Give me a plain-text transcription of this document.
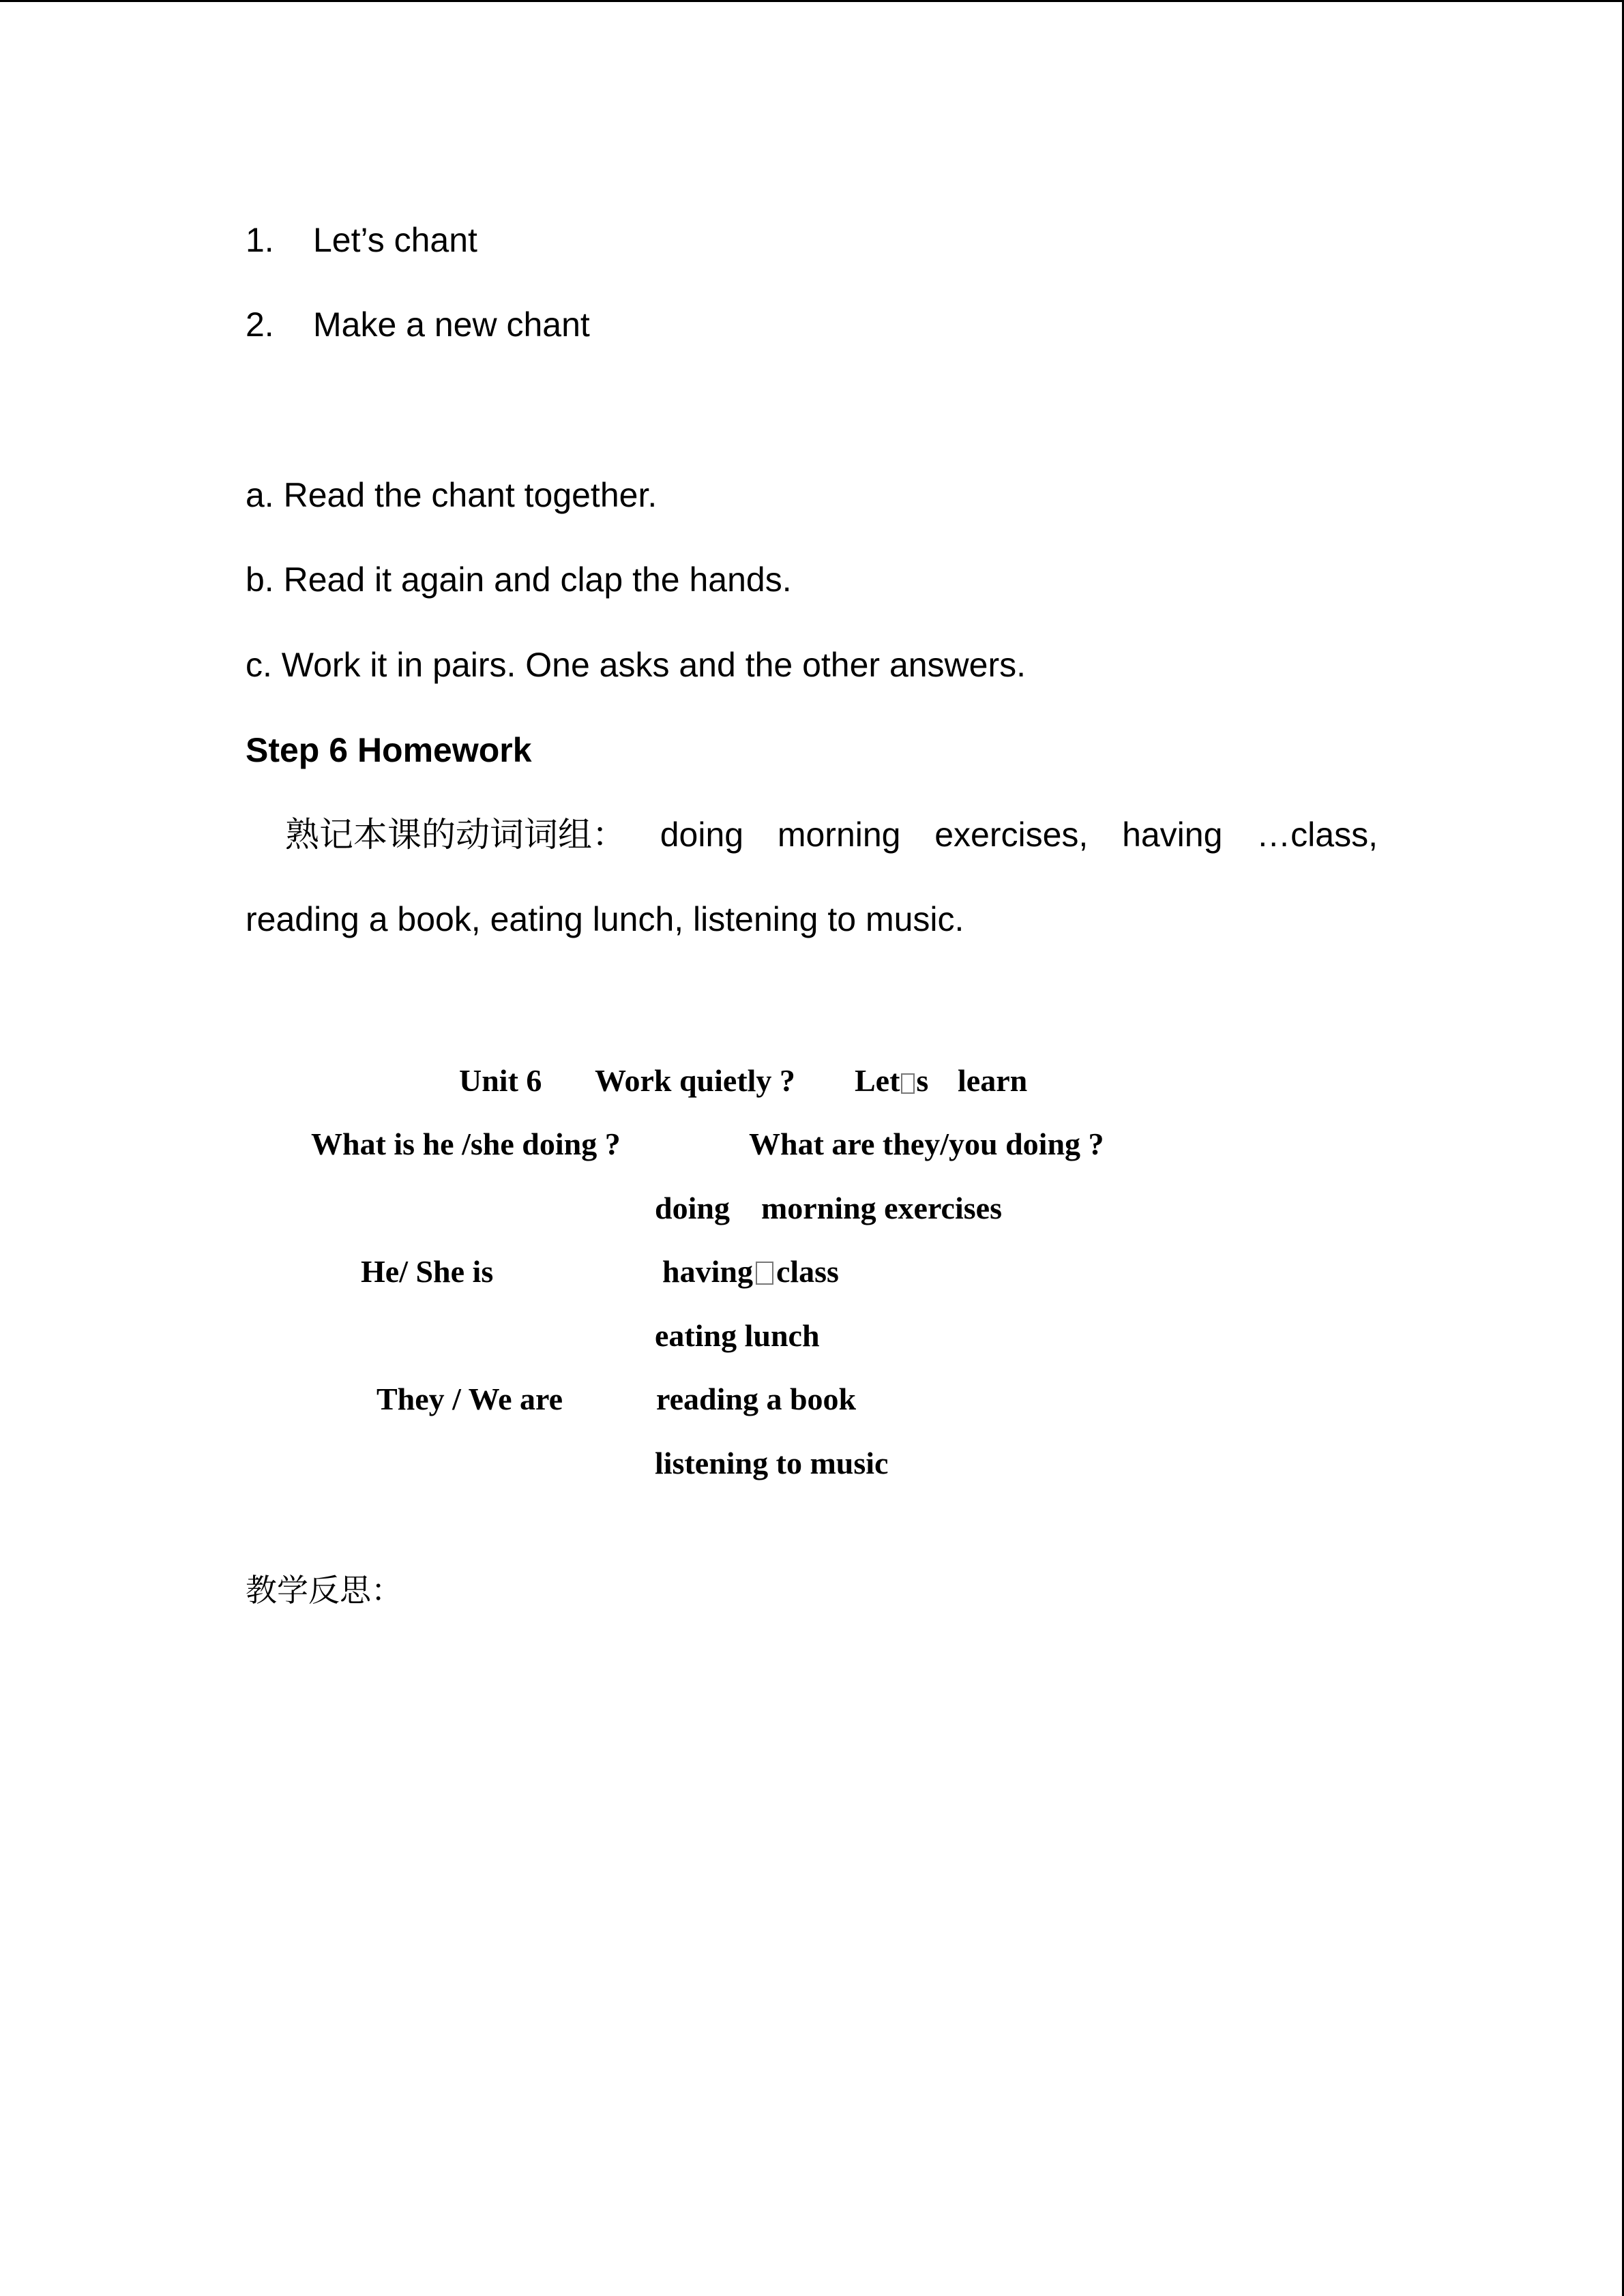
1. Let’s chant
2. Make a new chant
a. Read the chant together.
b. Read it again and clap the hands.
c. Work it in pairs. One asks and the other answers.
Step 6 Homework
熟记本课的动词词组： doing morning exercises, having …class,
reading a book, eating lunch, listening to music.
Unit 6 Work quietly ? Let s learn
What is he /she doing ?	What are they/you doing ?
doing    morning exercises
He/ She is	having class
eating lunch
They / We are	reading a book
listening to music
教学反思：
